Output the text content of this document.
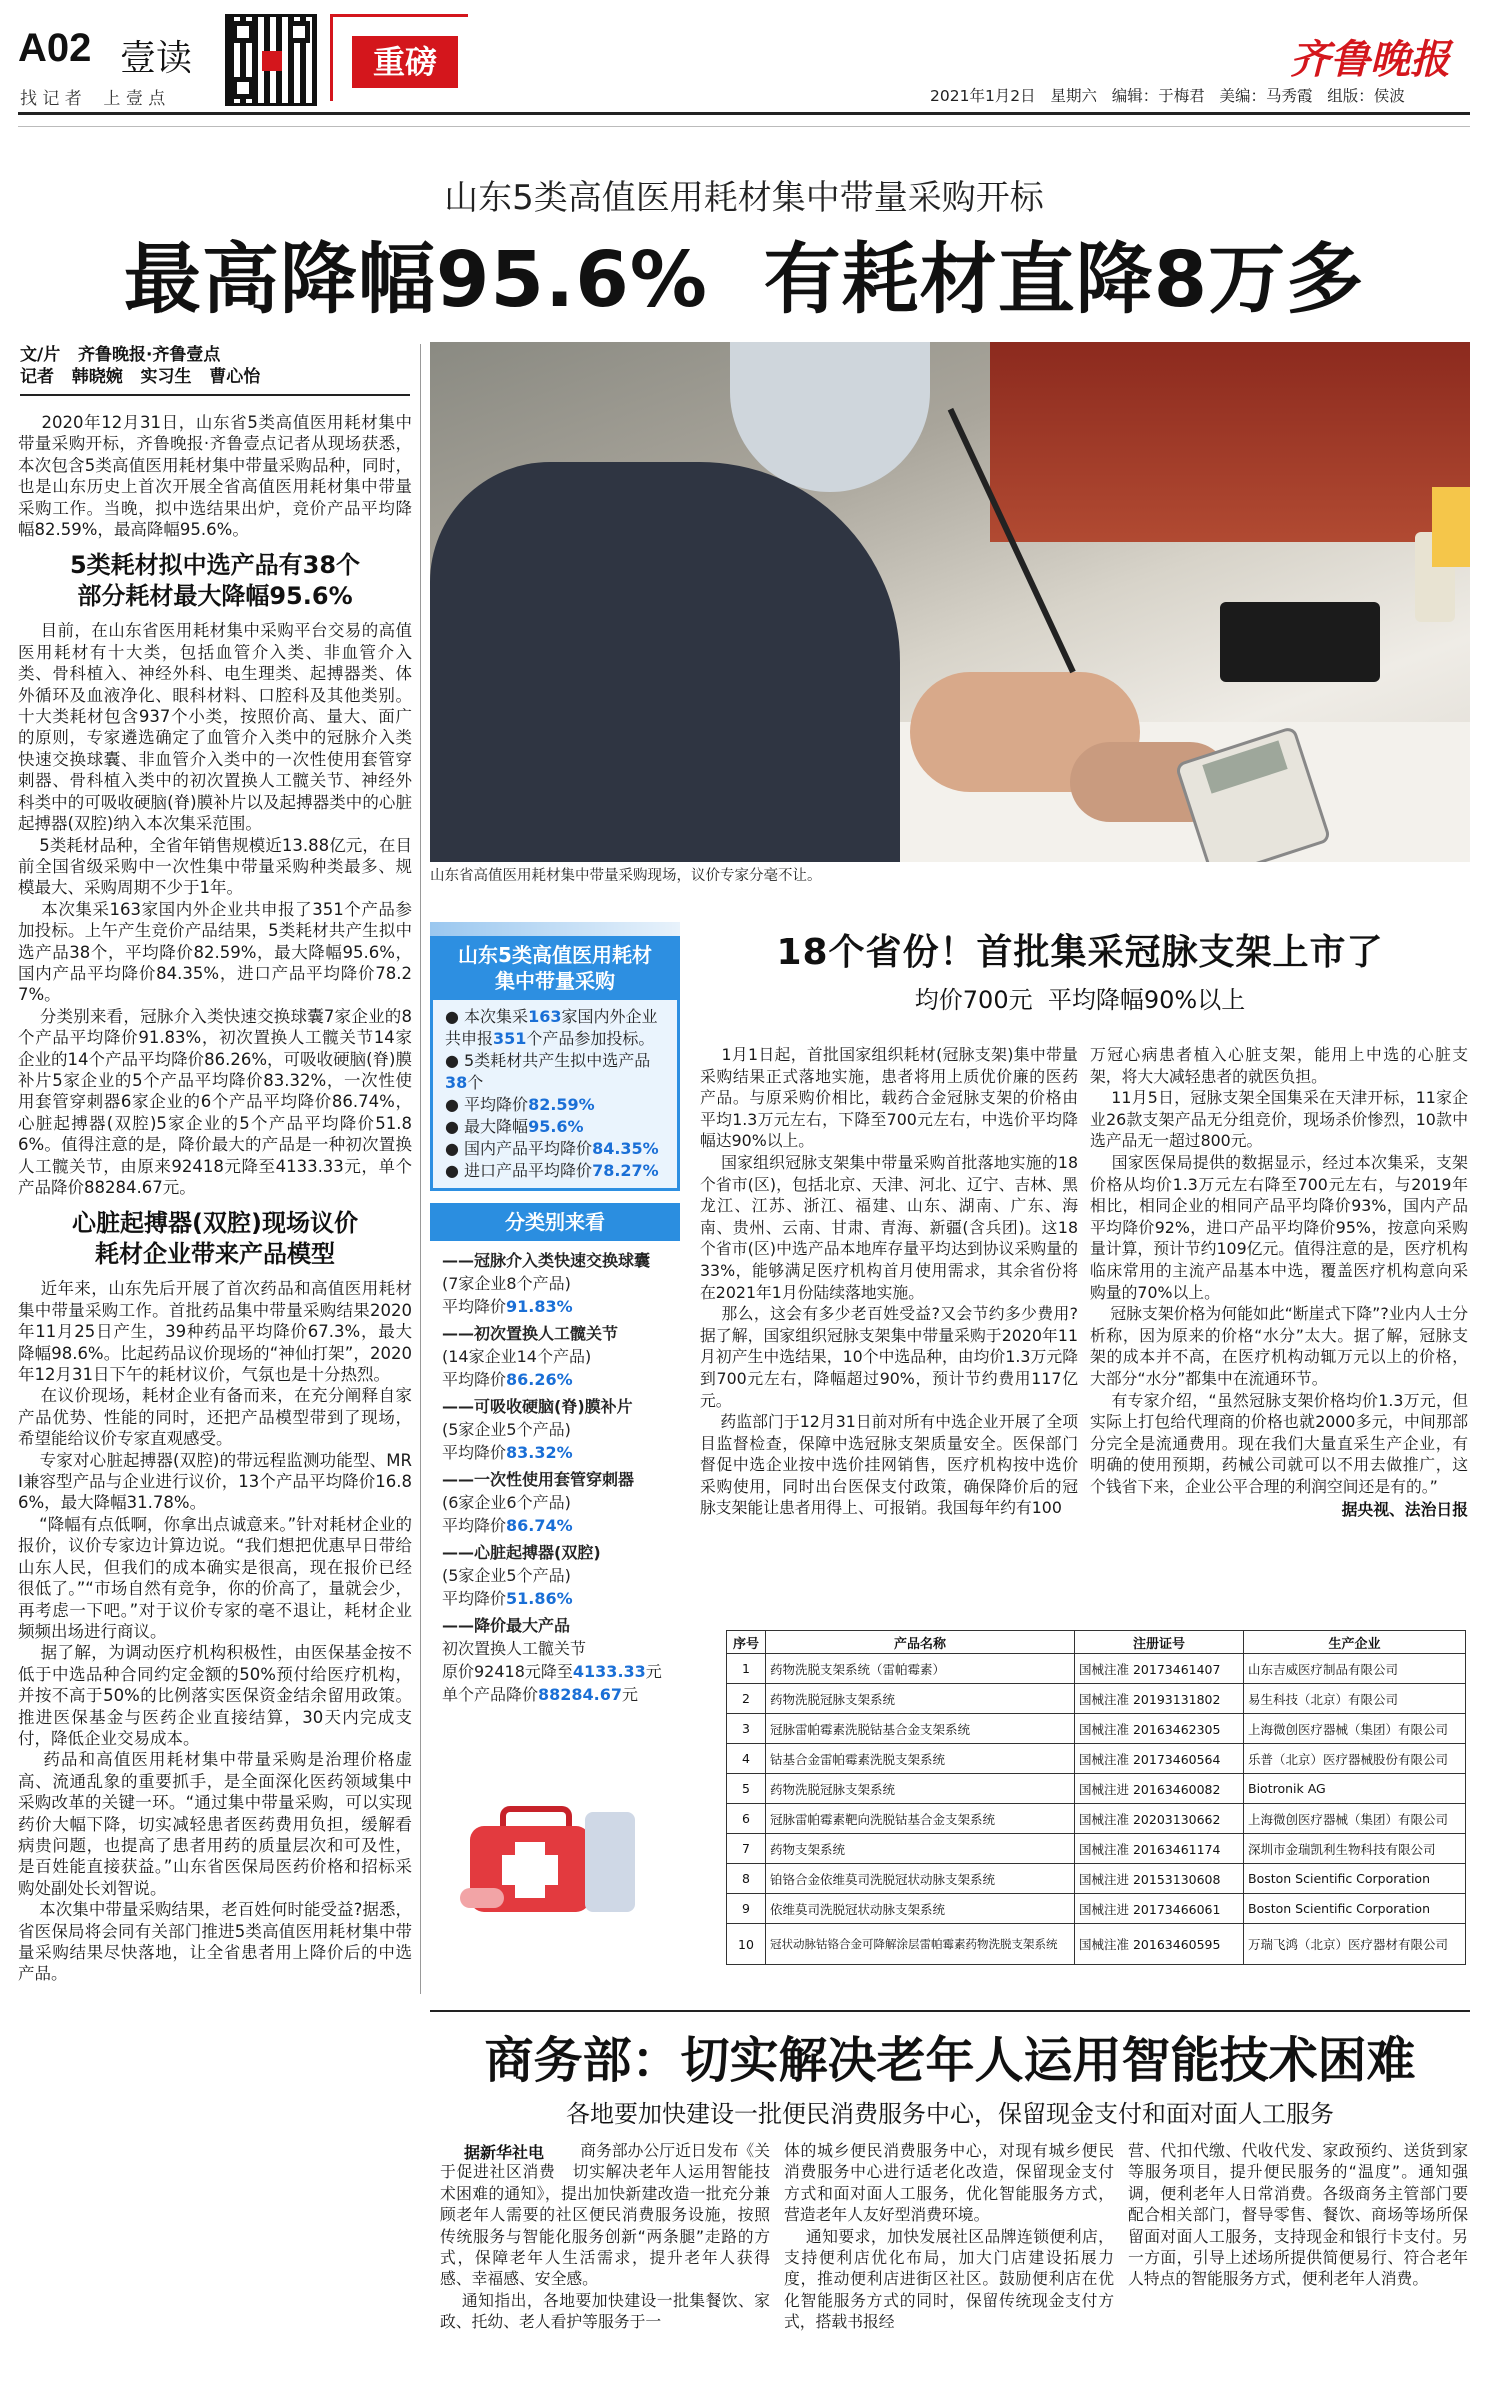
A02 壹读
找 记 者    上 壹 点
重磅	齐鲁晚报
2021年1月2日   星期六   编辑：于梅君   美编：马秀霞   组版：侯波
山东5类高值医用耗材集中带量采购开标
最高降幅95.6%  有耗材直降8万多
文/片   齐鲁晚报·齐鲁壹点
记者   韩晓婉   实习生   曹心怡
2020年12月31日，山东省5类高值医用耗材集中带量采购开标，齐鲁晚报·齐鲁壹点记者从现场获悉，本次包含5类高值医用耗材集中带量采购品种，同时，也是山东历史上首次开展全省高值医用耗材集中带量采购工作。当晚，拟中选结果出炉，竞价产品平均降幅82.59%，最高降幅95.6%。
5类耗材拟中选产品有38个
部分耗材最大降幅95.6%
目前，在山东省医用耗材集中采购平台交易的高值医用耗材有十大类，包括血管介入类、非血管介入类、骨科植入、神经外科、电生理类、起搏器类、体外循环及血液净化、眼科材料、口腔科及其他类别。十大类耗材包含937个小类，按照价高、量大、面广的原则，专家遴选确定了血管介入类中的冠脉介入类快速交换球囊、非血管介入类中的一次性使用套管穿刺器、骨科植入类中的初次置换人工髋关节、神经外科类中的可吸收硬脑(脊)膜补片以及起搏器类中的心脏起搏器(双腔)纳入本次集采范围。
5类耗材品种，全省年销售规模近13.88亿元，在目前全国省级采购中一次性集中带量采购种类最多、规模最大、采购周期不少于1年。
本次集采163家国内外企业共申报了351个产品参加投标。上午产生竞价产品结果，5类耗材共产生拟中选产品38个，平均降价82.59%，最大降幅95.6%，国内产品平均降价84.35%，进口产品平均降价78.27%。
分类别来看，冠脉介入类快速交换球囊7家企业的8个产品平均降价91.83%，初次置换人工髋关节14家企业的14个产品平均降价86.26%，可吸收硬脑(脊)膜补片5家企业的5个产品平均降价83.32%，一次性使用套管穿刺器6家企业的6个产品平均降价86.74%，心脏起搏器(双腔)5家企业的5个产品平均降价51.86%。值得注意的是，降价最大的产品是一种初次置换人工髋关节，由原来92418元降至4133.33元，单个产品降价88284.67元。
心脏起搏器(双腔)现场议价
耗材企业带来产品模型
近年来，山东先后开展了首次药品和高值医用耗材集中带量采购工作。首批药品集中带量采购结果2020年11月25日产生，39种药品平均降价67.3%，最大降幅98.6%。比起药品议价现场的“神仙打架”，2020年12月31日下午的耗材议价，气氛也是十分热烈。
在议价现场，耗材企业有备而来，在充分阐释自家产品优势、性能的同时，还把产品模型带到了现场，希望能给议价专家直观感受。
专家对心脏起搏器(双腔)的带远程监测功能型、MRI兼容型产品与企业进行议价，13个产品平均降价16.86%，最大降幅31.78%。
“降幅有点低啊，你拿出点诚意来。”针对耗材企业的报价，议价专家边计算边说。“我们想把优惠早日带给山东人民，但我们的成本确实是很高，现在报价已经很低了。”“市场自然有竞争，你的价高了，量就会少，再考虑一下吧。”对于议价专家的毫不退让，耗材企业频频出场进行商议。
据了解，为调动医疗机构积极性，由医保基金按不低于中选品种合同约定金额的50%预付给医疗机构，并按不高于50%的比例落实医保资金结余留用政策。推进医保基金与医药企业直接结算，30天内完成支付，降低企业交易成本。
药品和高值医用耗材集中带量采购是治理价格虚高、流通乱象的重要抓手，是全面深化医药领域集中采购改革的关键一环。“通过集中带量采购，可以实现药价大幅下降，切实减轻患者医药费用负担，缓解看病贵问题，也提高了患者用药的质量层次和可及性，是百姓能直接获益。”山东省医保局医药价格和招标采购处副处长刘智说。
本次集中带量采购结果，老百姓何时能受益?据悉，省医保局将会同有关部门推进5类高值医用耗材集中带量采购结果尽快落地，让全省患者用上降价后的中选产品。
山东省高值医用耗材集中带量采购现场，议价专家分毫不让。
山东5类高值医用耗材
集中带量采购
● 本次集采163家国内外企业共申报351个产品参加投标。
● 5类耗材共产生拟中选产品38个
● 平均降价82.59%
● 最大降幅95.6%
● 国内产品平均降价84.35%
● 进口产品平均降价78.27%
分类别来看
——冠脉介入类快速交换球囊
(7家企业8个产品)
平均降价91.83%
——初次置换人工髋关节
(14家企业14个产品)
平均降价86.26%
——可吸收硬脑(脊)膜补片
(5家企业5个产品)
平均降价83.32%
——一次性使用套管穿刺器
(6家企业6个产品)
平均降价86.74%
——心脏起搏器(双腔)
(5家企业5个产品)
平均降价51.86%
——降价最大产品
初次置换人工髋关节
原价92418元降至4133.33元
单个产品降价88284.67元
18个省份！首批集采冠脉支架上市了
均价700元  平均降幅90%以上
1月1日起，首批国家组织耗材(冠脉支架)集中带量采购结果正式落地实施，患者将用上质优价廉的医药产品。与原采购价相比，载药合金冠脉支架的价格由平均1.3万元左右，下降至700元左右，中选价平均降幅达90%以上。
国家组织冠脉支架集中带量采购首批落地实施的18个省市(区)，包括北京、天津、河北、辽宁、吉林、黑龙江、江苏、浙江、福建、山东、湖南、广东、海南、贵州、云南、甘肃、青海、新疆(含兵团)。这18个省市(区)中选产品本地库存量平均达到协议采购量的33%，能够满足医疗机构首月使用需求，其余省份将在2021年1月份陆续落地实施。
那么，这会有多少老百姓受益?又会节约多少费用?据了解，国家组织冠脉支架集中带量采购于2020年11月初产生中选结果，10个中选品种，由均价1.3万元降到700元左右，降幅超过90%，预计节约费用117亿元。
药监部门于12月31日前对所有中选企业开展了全项目监督检查，保障中选冠脉支架质量安全。医保部门督促中选企业按中选价挂网销售，医疗机构按中选价采购使用，同时出台医保支付政策，确保降价后的冠脉支架能让患者用得上、可报销。我国每年约有100
万冠心病患者植入心脏支架，能用上中选的心脏支架，将大大减轻患者的就医负担。
11月5日，冠脉支架全国集采在天津开标，11家企业26款支架产品无分组竞价，现场杀价惨烈，10款中选产品无一超过800元。
国家医保局提供的数据显示，经过本次集采，支架价格从均价1.3万元左右降至700元左右，与2019年相比，相同企业的相同产品平均降价93%，国内产品平均降价92%，进口产品平均降价95%，按意向采购量计算，预计节约109亿元。值得注意的是，医疗机构临床常用的主流产品基本中选，覆盖医疗机构意向采购量的70%以上。
冠脉支架价格为何能如此“断崖式下降”?业内人士分析称，因为原来的价格“水分”太大。据了解，冠脉支架的成本并不高，在医疗机构动辄万元以上的价格，大部分“水分”都集中在流通环节。
有专家介绍，“虽然冠脉支架价格均价1.3万元，但实际上打包给代理商的价格也就2000多元，中间那部分完全是流通费用。现在我们大量直采生产企业，有明确的使用预期，药械公司就可以不用去做推广，这个钱省下来，企业公平合理的利润空间还是有的。”
据央视、法治日报
序号	产品名称	注册证号	生产企业
1	药物洗脱支架系统（雷帕霉素）	国械注准 20173461407	山东吉威医疗制品有限公司
2	药物洗脱冠脉支架系统	国械注准 20193131802	易生科技（北京）有限公司
3	冠脉雷帕霉素洗脱钴基合金支架系统	国械注准 20163462305	上海微创医疗器械（集团）有限公司
4	钴基合金雷帕霉素洗脱支架系统	国械注准 20173460564	乐普（北京）医疗器械股份有限公司
5	药物洗脱冠脉支架系统	国械注进 20163460082	Biotronik AG
6	冠脉雷帕霉素靶向洗脱钴基合金支架系统	国械注准 20203130662	上海微创医疗器械（集团）有限公司
7	药物支架系统	国械注准 20163461174	深圳市金瑞凯利生物科技有限公司
8	铂铬合金依维莫司洗脱冠状动脉支架系统	国械注进 20153130608	Boston Scientific Corporation
9	依维莫司洗脱冠状动脉支架系统	国械注进 20173466061	Boston Scientific Corporation
10	冠状动脉钴铬合金可降解涂层雷帕霉素药物洗脱支架系统	国械注准 20163460595	万瑞飞鸿（北京）医疗器材有限公司
商务部：切实解决老年人运用智能技术困难
各地要加快建设一批便民消费服务中心，保留现金支付和面对面人工服务
据新华社电	商务部办公厅近日发布《关于促进社区消费   切实解决老年人运用智能技术困难的通知》，提出加快新建改造一批充分兼顾老年人需要的社区便民消费服务设施，按照传统服务与智能化服务创新“两条腿”走路的方式，保障老年人生活需求，提升老年人获得感、幸福感、安全感。
通知指出，各地要加快建设一批集餐饮、家政、托幼、老人看护等服务于一
体的城乡便民消费服务中心，对现有城乡便民消费服务中心进行适老化改造，保留现金支付方式和面对面人工服务，优化智能服务方式，营造老年人友好型消费环境。
通知要求，加快发展社区品牌连锁便利店，支持便利店优化布局，加大门店建设拓展力度，推动便利店进街区社区。鼓励便利店在优化智能服务方式的同时，保留传统现金支付方式，搭载书报经
营、代扣代缴、代收代发、家政预约、送货到家等服务项目，提升便民服务的“温度”。通知强调，便利老年人日常消费。各级商务主管部门要配合相关部门，督导零售、餐饮、商场等场所保留面对面人工服务，支持现金和银行卡支付。另一方面，引导上述场所提供简便易行、符合老年人特点的智能服务方式，便利老年人消费。
